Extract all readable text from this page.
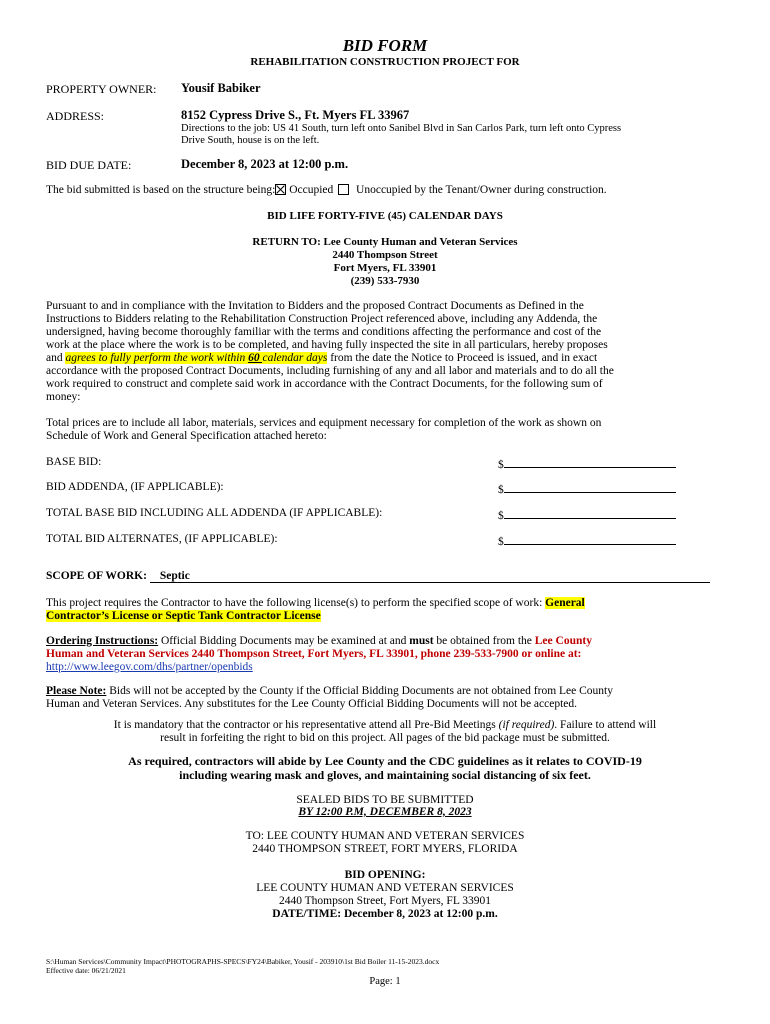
BID FORM
REHABILITATION CONSTRUCTION PROJECT FOR
PROPERTY OWNER: Yousif Babiker
ADDRESS:	8152 Cypress Drive S., Ft. Myers FL 33967
Directions to the job: US 41 South, turn left onto Sanibel Blvd in San Carlos Park, turn left onto Cypress
Drive South, house is on the left.
BID DUE DATE:	December 8, 2023 at 12:00 p.m.
The bid submitted is based on the structure being: Occupied Unoccupied by the Tenant/Owner during construction.
BID LIFE FORTY-FIVE (45) CALENDAR DAYS
RETURN TO: Lee County Human and Veteran Services
2440 Thompson Street
Fort Myers, FL 33901
(239) 533-7930
Pursuant to and in compliance with the Invitation to Bidders and the proposed Contract Documents as Defined in the
Instructions to Bidders relating to the Rehabilitation Construction Project referenced above, including any Addenda, the
undersigned, having become thoroughly familiar with the terms and conditions affecting the performance and cost of the
work at the place where the work is to be completed, and having fully inspected the site in all particulars, hereby proposes
and agrees to fully perform the work within 60 calendar days from the date the Notice to Proceed is issued, and in exact
accordance with the proposed Contract Documents, including furnishing of any and all labor and materials and to do all the
work required to construct and complete said work in accordance with the Contract Documents, for the following sum of
money:
Total prices are to include all labor, materials, services and equipment necessary for completion of the work as shown on
Schedule of Work and General Specification attached hereto:
BASE BID:	$
BID ADDENDA, (IF APPLICABLE):	$
TOTAL BASE BID INCLUDING ALL ADDENDA (IF APPLICABLE):	$
TOTAL BID ALTERNATES, (IF APPLICABLE):	$
SCOPE OF WORK: Septic
This project requires the Contractor to have the following license(s) to perform the specified scope of work: General
Contractor’s License or Septic Tank Contractor License
Ordering Instructions: Official Bidding Documents may be examined at and must be obtained from the Lee County
Human and Veteran Services 2440 Thompson Street, Fort Myers, FL 33901, phone 239-533-7900 or online at:
http://www.leegov.com/dhs/partner/openbids
Please Note: Bids will not be accepted by the County if the Official Bidding Documents are not obtained from Lee County
Human and Veteran Services. Any substitutes for the Lee County Official Bidding Documents will not be accepted.
It is mandatory that the contractor or his representative attend all Pre-Bid Meetings (if required). Failure to attend will
result in forfeiting the right to bid on this project. All pages of the bid package must be submitted.
As required, contractors will abide by Lee County and the CDC guidelines as it relates to COVID-19
including wearing mask and gloves, and maintaining social distancing of six feet.
SEALED BIDS TO BE SUBMITTED
BY 12:00 P.M, DECEMBER 8, 2023
TO: LEE COUNTY HUMAN AND VETERAN SERVICES
2440 THOMPSON STREET, FORT MYERS, FLORIDA
BID OPENING:
LEE COUNTY HUMAN AND VETERAN SERVICES
2440 Thompson Street, Fort Myers, FL 33901
DATE/TIME: December 8, 2023 at 12:00 p.m.
S:\Human Services\Community Impact\PHOTOGRAPHS-SPECS\FY24\Babiker, Yousif - 203910\1st Bid Boiler 11-15-2023.docx
Effective date: 06/21/2021
Page: 1
